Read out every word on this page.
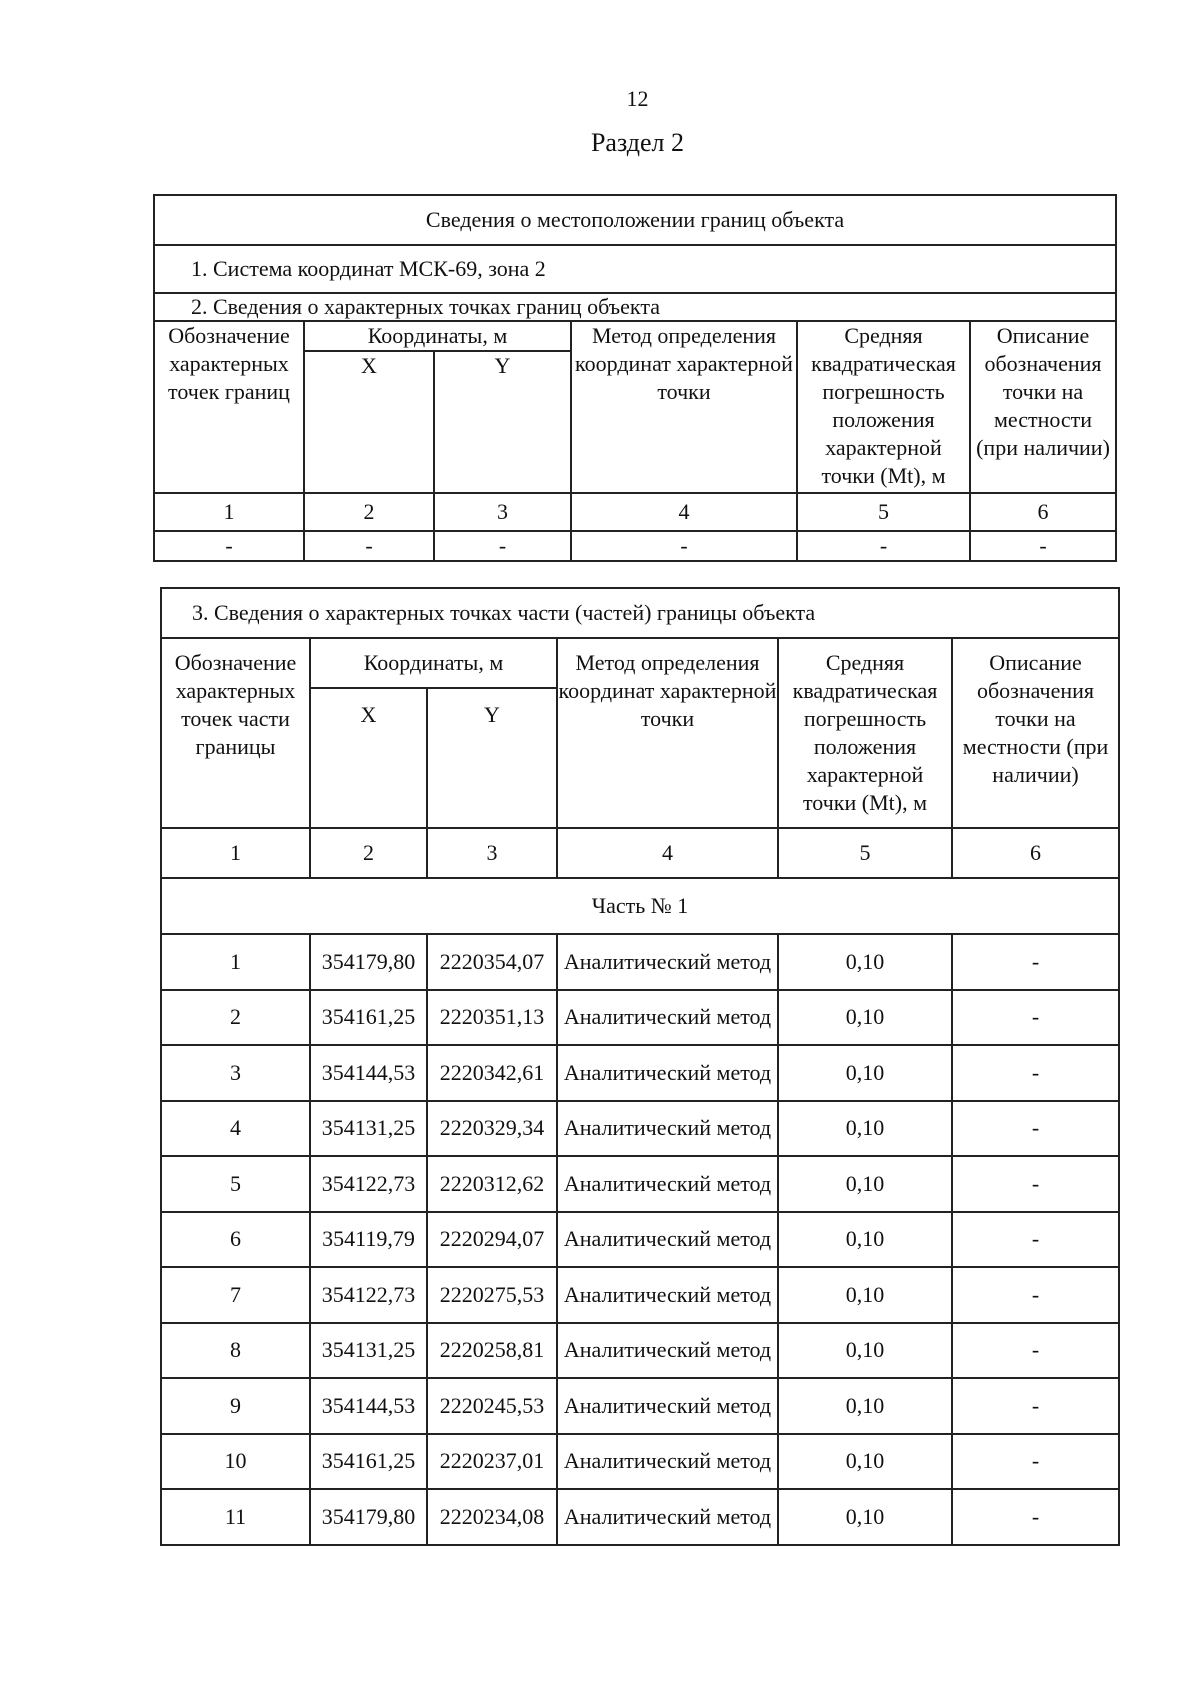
12
Раздел 2
Сведения о местоположении границ объекта					
1. Система координат МСК-69, зона 2					
2. Сведения о характерных точках границ объекта					
Обозначение характерных точек границ	Координаты, м		Метод определения координат характерной точки	Средняя квадратическая погрешность положения характерной точки (Mt), м	Описание обозначения точки на местности (при наличии)
	X	Y			
1	2	3	4	5	6
-	-	-	-	-	-
3. Сведения о характерных точках части (частей) границы объекта					
Обозначение характерных точек части границы	Координаты, м		Метод определения координат характерной точки	Средняя квадратическая погрешность положения характерной точки (Mt), м	Описание обозначения точки на местности (при наличии)
	X	Y			
1	2	3	4	5	6
Часть № 1					
1	354179,80	2220354,07	Аналитический метод	0,10	-
2	354161,25	2220351,13	Аналитический метод	0,10	-
3	354144,53	2220342,61	Аналитический метод	0,10	-
4	354131,25	2220329,34	Аналитический метод	0,10	-
5	354122,73	2220312,62	Аналитический метод	0,10	-
6	354119,79	2220294,07	Аналитический метод	0,10	-
7	354122,73	2220275,53	Аналитический метод	0,10	-
8	354131,25	2220258,81	Аналитический метод	0,10	-
9	354144,53	2220245,53	Аналитический метод	0,10	-
10	354161,25	2220237,01	Аналитический метод	0,10	-
11	354179,80	2220234,08	Аналитический метод	0,10	-
